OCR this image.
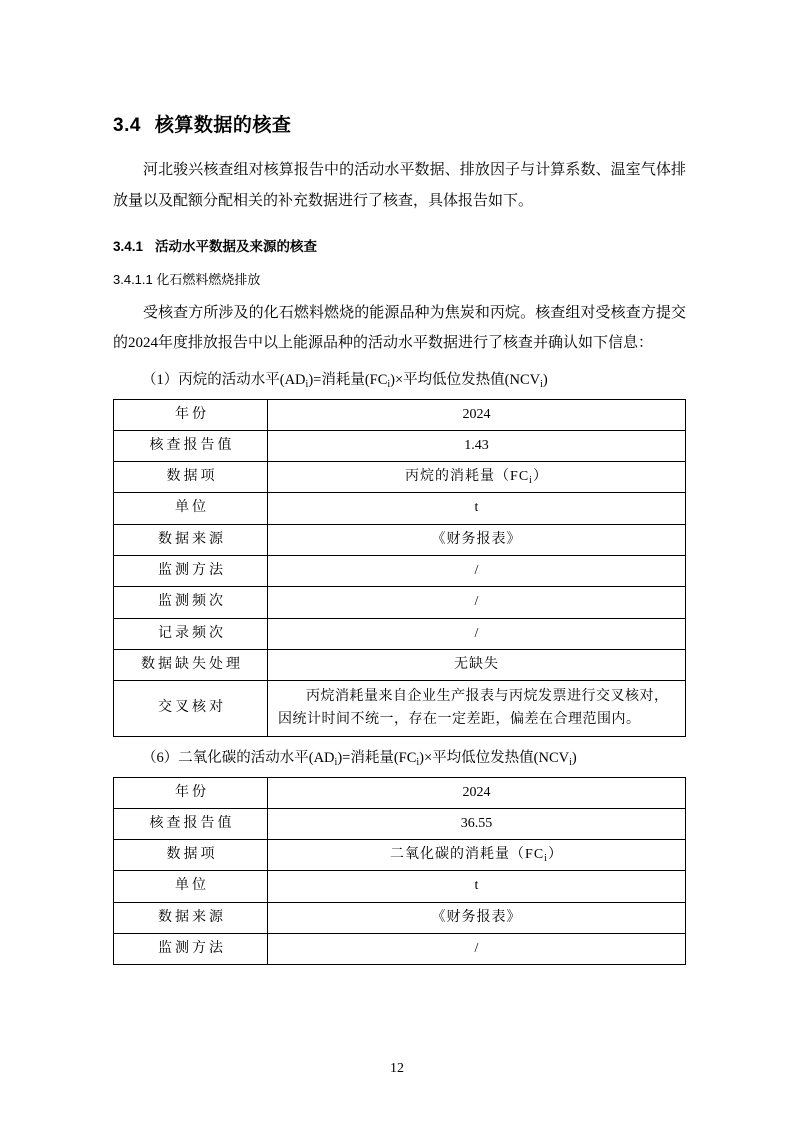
3.4 核算数据的核查

河北骏兴核查组对核算报告中的活动水平数据、排放因子与计算系数、温室气体排放量以及配额分配相关的补充数据进行了核查，具体报告如下。

3.4.1 活动水平数据及来源的核查
3.4.1.1 化石燃料燃烧排放

受核查方所涉及的化石燃料燃烧的能源品种为焦炭和丙烷。核查组对受核查方提交的2024年度排放报告中以上能源品种的活动水平数据进行了核查并确认如下信息：

（1）丙烷的活动水平$(AD_i)=$消耗量$(FC_i)\times$平均低位发热值$(NCV_i)$
年份	2024
核查报告值	1.43
数据项	丙烷的消耗量$(FC_i)$
单位	t
数据来源	《财务报表》
监测方法	/
监测频次	/
记录频次	/
数据缺失处理	无缺失
交叉核对	丙烷消耗量来自企业生产报表与丙烷发票进行交叉核对，因统计时间不统一，存在一定差距，偏差在合理范围内。
（6）二氧化碳的活动水平$(AD_i)=$消耗量$(FC_i)\times$平均低位发热值$(NCV_i)$
年份	2024
核查报告值	36.55
数据项	二氧化碳的消耗量$(FC_i)$
单位	t
数据来源	《财务报表》
监测方法	/
12
